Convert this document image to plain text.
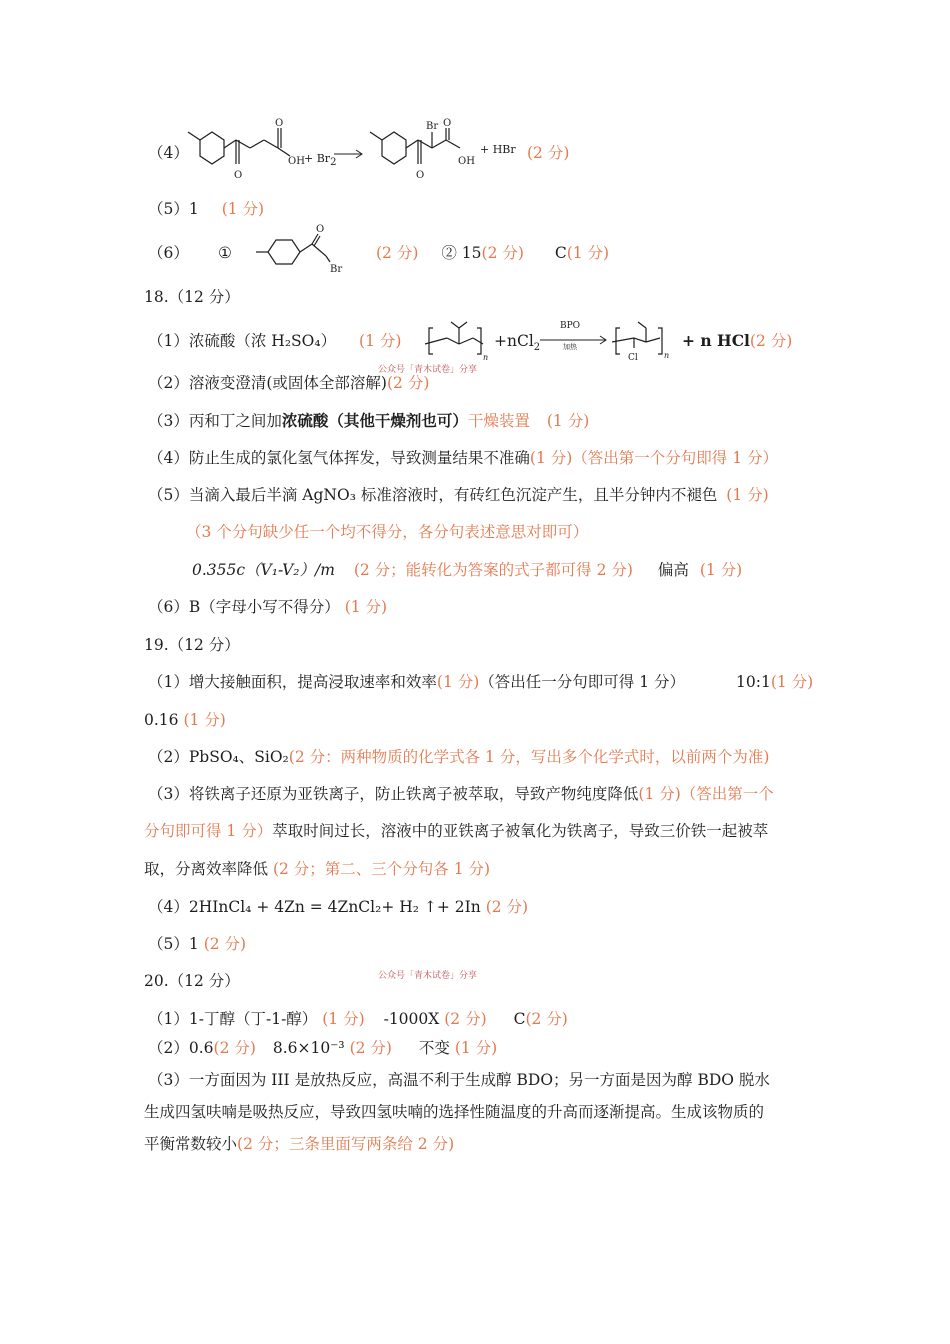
（4）
O
O
OH + $Br_2$
O
Br O
OH
+ HBr (2 分)
（5）1 (1 分)
（6） ①
O
Br
(2 分) ② 15(2 分) C(1 分)
18.（12 分）
（1）浓硫酸（浓 H₂SO₄） (1 分)
n
+nCl$_2$
BPO
加热
Cl	n
+ n HCl(2 分)
公众号「青木试卷」分享
（2）溶液变澄清(或固体全部溶解)(2 分)
（3）丙和丁之间加浓硫酸（其他干燥剂也可）干燥装置 (1 分)
（4）防止生成的氯化氢气体挥发，导致测量结果不准确(1 分)（答出第一个分句即得 1 分）
（5）当滴入最后半滴 AgNO₃ 标准溶液时，有砖红色沉淀产生，且半分钟内不褪色 (1 分)
（3 个分句缺少任一个均不得分，各分句表述意思对即可）
0.355c（V₁-V₂）/m (2 分；能转化为答案的式子都可得 2 分) 偏高 (1 分)
（6）B（字母小写不得分） (1 分)
19.（12 分）
（1）增大接触面积，提高浸取速率和效率(1 分)（答出任一分句即可得 1 分）	10:1(1 分)
0.16 (1 分)
（2）PbSO₄、SiO₂(2 分：两种物质的化学式各 1 分，写出多个化学式时，以前两个为准)
（3）将铁离子还原为亚铁离子，防止铁离子被萃取，导致产物纯度降低(1 分)（答出第一个
分句即可得 1 分）萃取时间过长，溶液中的亚铁离子被氧化为铁离子，导致三价铁一起被萃
取，分离效率降低 (2 分；第二、三个分句各 1 分)
（4）2HInCl₄ + 4Zn = 4ZnCl₂+ H₂ ↑+ 2In (2 分)
（5）1 (2 分)
20.（12 分）	公众号「青木试卷」分享
（1）1-丁醇（丁-1-醇） (1 分) -1000X (2 分) C(2 分)
（2）0.6(2 分) 8.6×10⁻³ (2 分) 不变 (1 分)
（3）一方面因为 III 是放热反应，高温不利于生成醇 BDO；另一方面是因为醇 BDO 脱水
生成四氢呋喃是吸热反应，导致四氢呋喃的选择性随温度的升高而逐渐提高。生成该物质的
平衡常数较小(2 分；三条里面写两条给 2 分)
